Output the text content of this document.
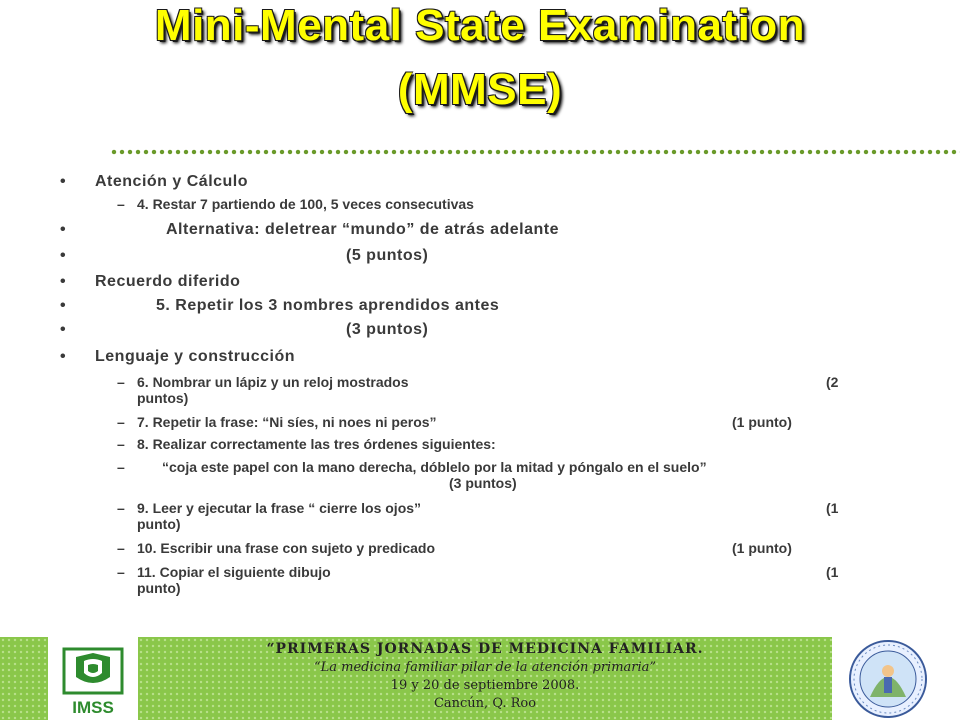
Mini-Mental State Examination
(MMSE)
• Atención y Cálculo
– 4. Restar 7 partiendo de 100, 5 veces consecutivas
•	Alternativa: deletrear “mundo” de atrás adelante
•	(5 puntos)
• Recuerdo diferido
•	5. Repetir los 3 nombres aprendidos antes
•	(3 puntos)
• Lenguaje y construcción
– 6. Nombrar un lápiz y un reloj mostrados	(2
puntos)
– 7. Repetir la frase: “Ni síes, ni noes ni peros”	(1 punto)
– 8. Realizar correctamente las tres órdenes siguientes:
–	“coja este papel con la mano derecha, dóblelo por la mitad y póngalo en el suelo”
(3 puntos)
– 9. Leer y ejecutar la frase “ cierre los ojos”	(1
punto)
– 10. Escribir una frase con sujeto y predicado	(1 punto)
– 11. Copiar el siguiente dibujo	(1
punto)
IMSS
“PRIMERAS JORNADAS DE MEDICINA FAMILIAR.
“La medicina familiar pilar de la atención primaria”
19 y 20 de septiembre 2008.
Cancún, Q. Roo
